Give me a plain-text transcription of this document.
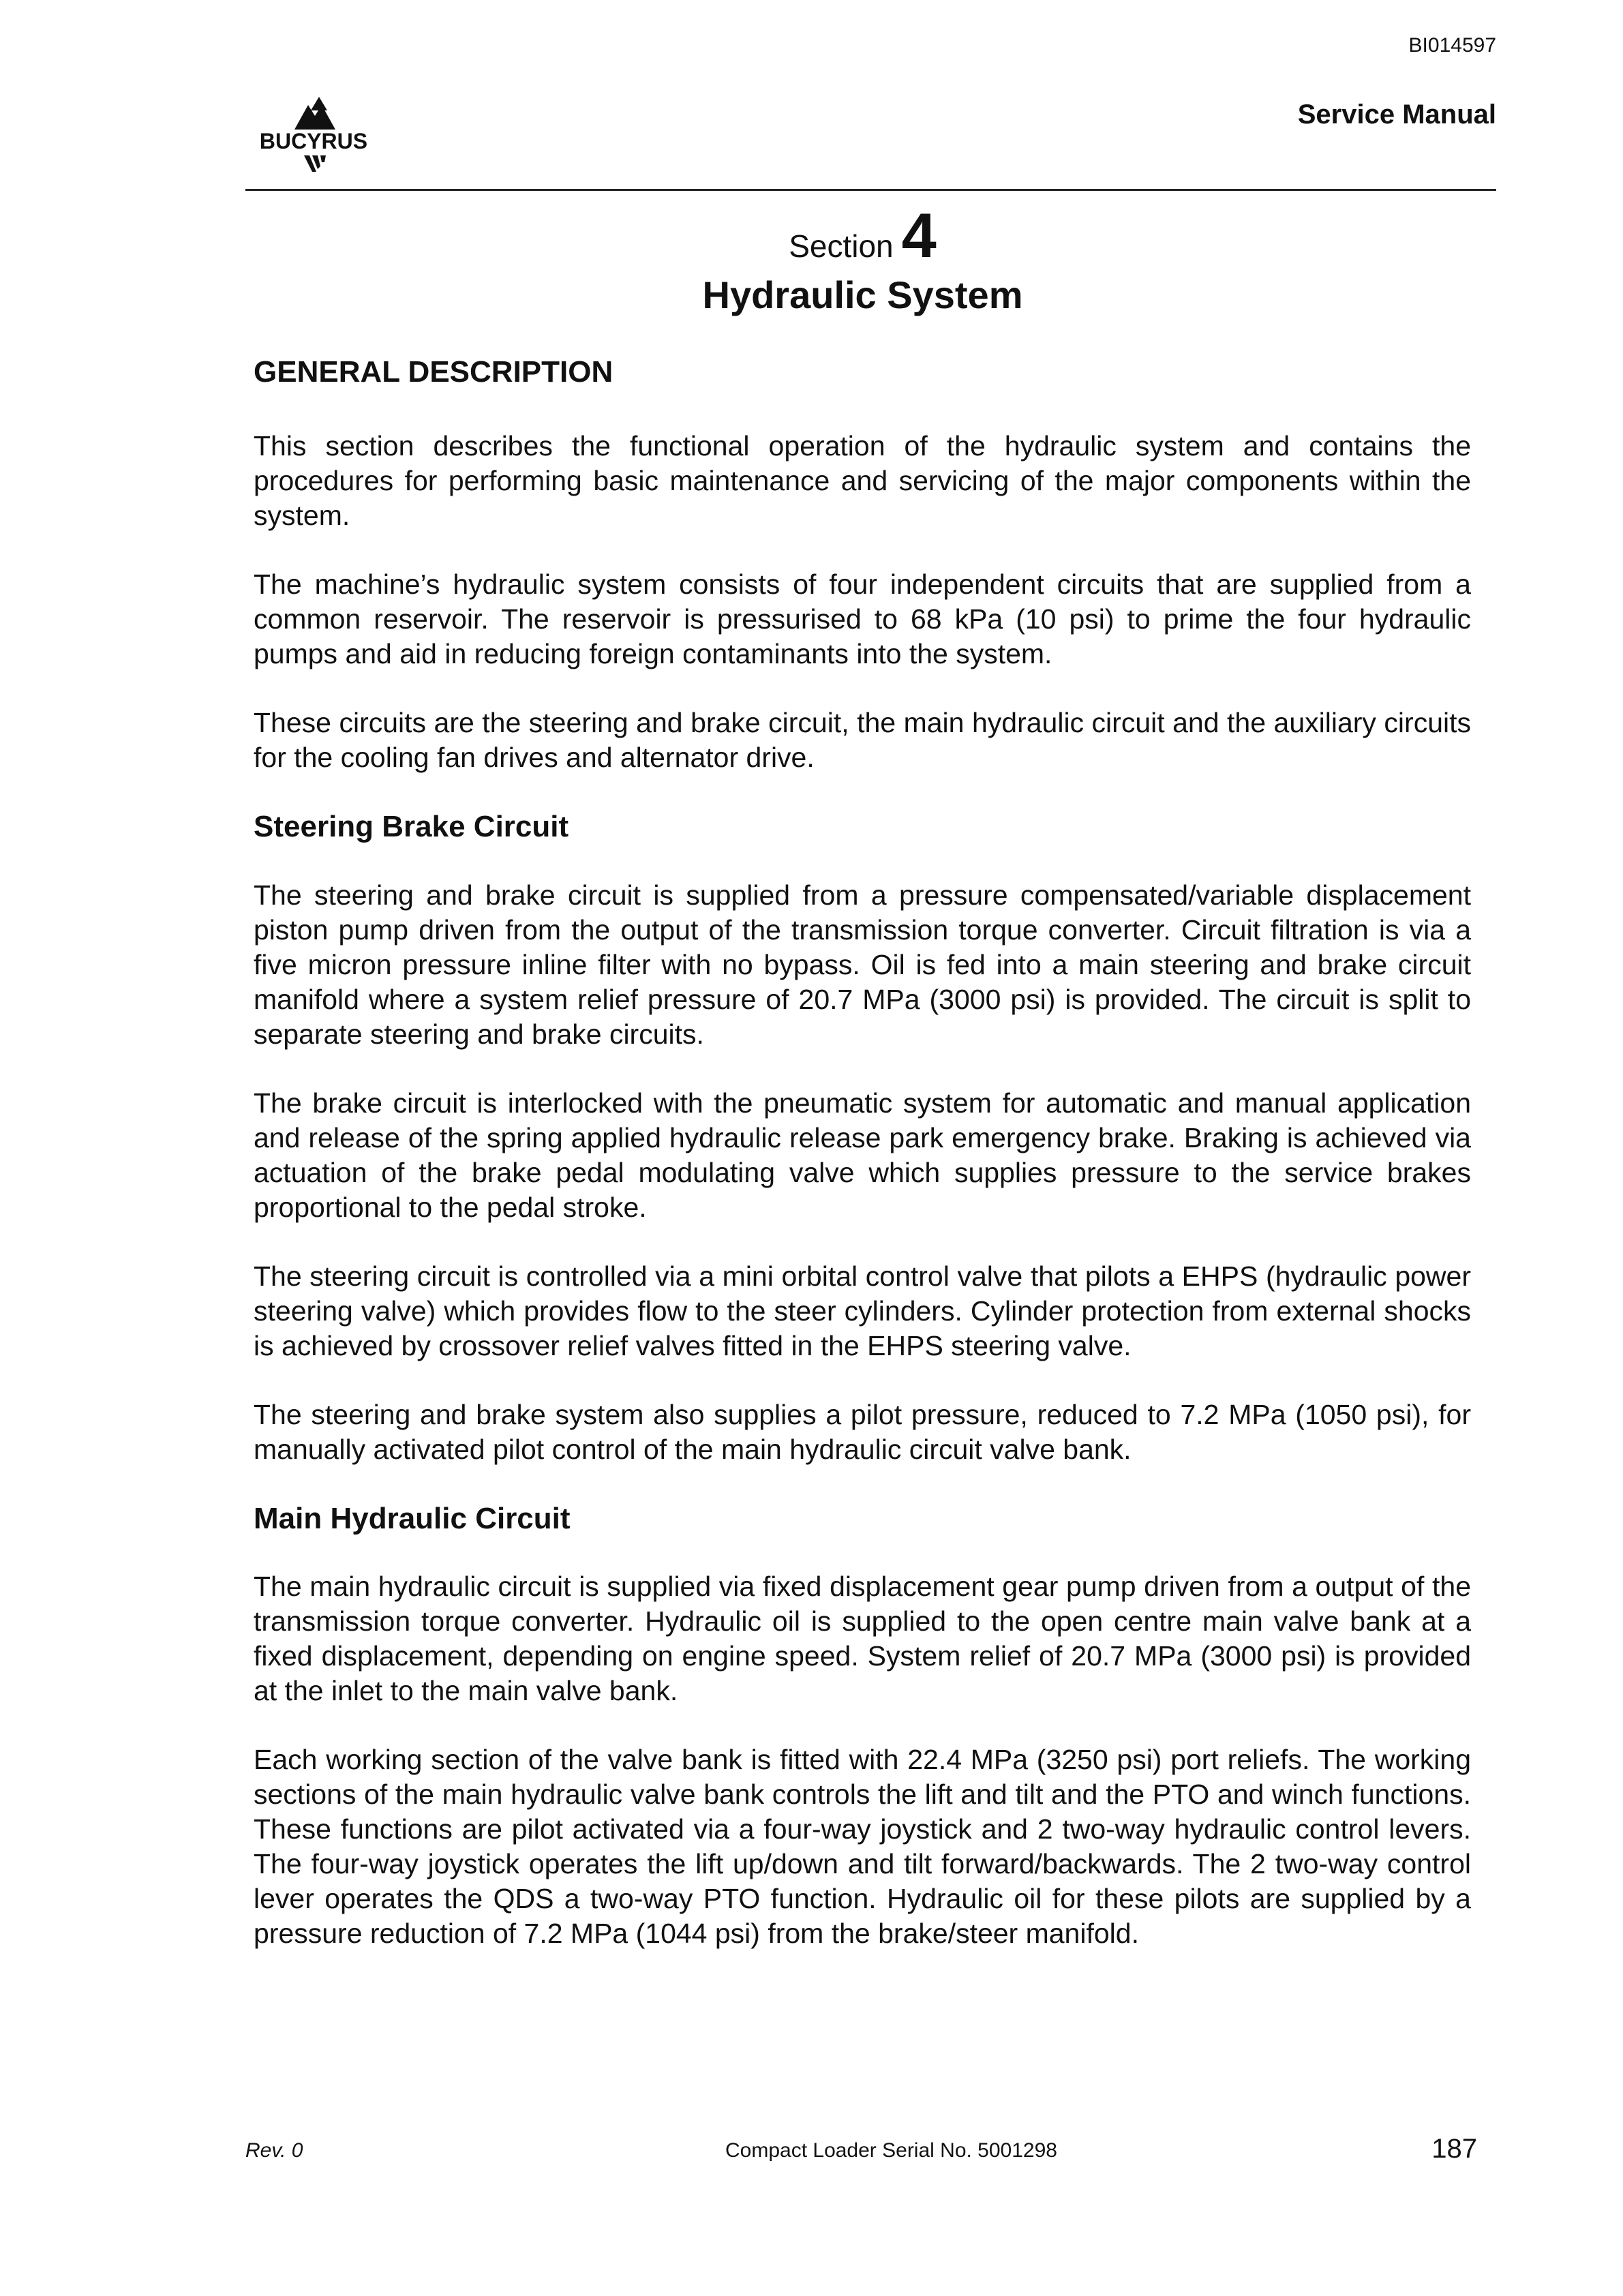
BI014597
Service Manual
BUCYRUS
Section 4
Hydraulic System
GENERAL DESCRIPTION

This section describes the functional operation of the hydraulic system and contains the procedures for performing basic maintenance and servicing of the major components within the system.

The machine’s hydraulic system consists of four independent circuits that are supplied from a common reservoir. The reservoir is pressurised to 68 kPa (10 psi) to prime the four hydraulic pumps and aid in reducing foreign contaminants into the system.

These circuits are the steering and brake circuit, the main hydraulic circuit and the auxiliary circuits for the cooling fan drives and alternator drive.

Steering Brake Circuit

The steering and brake circuit is supplied from a pressure compensated/variable displacement piston pump driven from the output of the transmission torque converter. Circuit filtration is via a five micron pressure inline filter with no bypass. Oil is fed into a main steering and brake circuit manifold where a system relief pressure of 20.7 MPa (3000 psi) is provided. The circuit is split to separate steering and brake circuits.

The brake circuit is interlocked with the pneumatic system for automatic and manual application and release of the spring applied hydraulic release park emergency brake. Braking is achieved via actuation of the brake pedal modulating valve which supplies pressure to the service brakes proportional to the pedal stroke.

The steering circuit is controlled via a mini orbital control valve that pilots a EHPS (hydraulic power steering valve) which provides flow to the steer cylinders. Cylinder protection from external shocks is achieved by crossover relief valves fitted in the EHPS steering valve.

The steering and brake system also supplies a pilot pressure, reduced to 7.2 MPa (1050 psi), for manually activated pilot control of the main hydraulic circuit valve bank.

Main Hydraulic Circuit

The main hydraulic circuit is supplied via fixed displacement gear pump driven from a output of the transmission torque converter. Hydraulic oil is supplied to the open centre main valve bank at a fixed displacement, depending on engine speed. System relief of 20.7 MPa (3000 psi) is provided at the inlet to the main valve bank.

Each working section of the valve bank is fitted with 22.4 MPa (3250 psi) port reliefs. The working sections of the main hydraulic valve bank controls the lift and tilt and the PTO and winch functions. These functions are pilot activated via a four-way joystick and 2 two-way hydraulic control levers. The four-way joystick operates the lift up/down and tilt forward/backwards. The 2 two-way control lever operates the QDS a two-way PTO function. Hydraulic oil for these pilots are supplied by a pressure reduction of 7.2 MPa (1044 psi) from the brake/steer manifold.

Rev. 0	Compact Loader Serial No. 5001298	187
